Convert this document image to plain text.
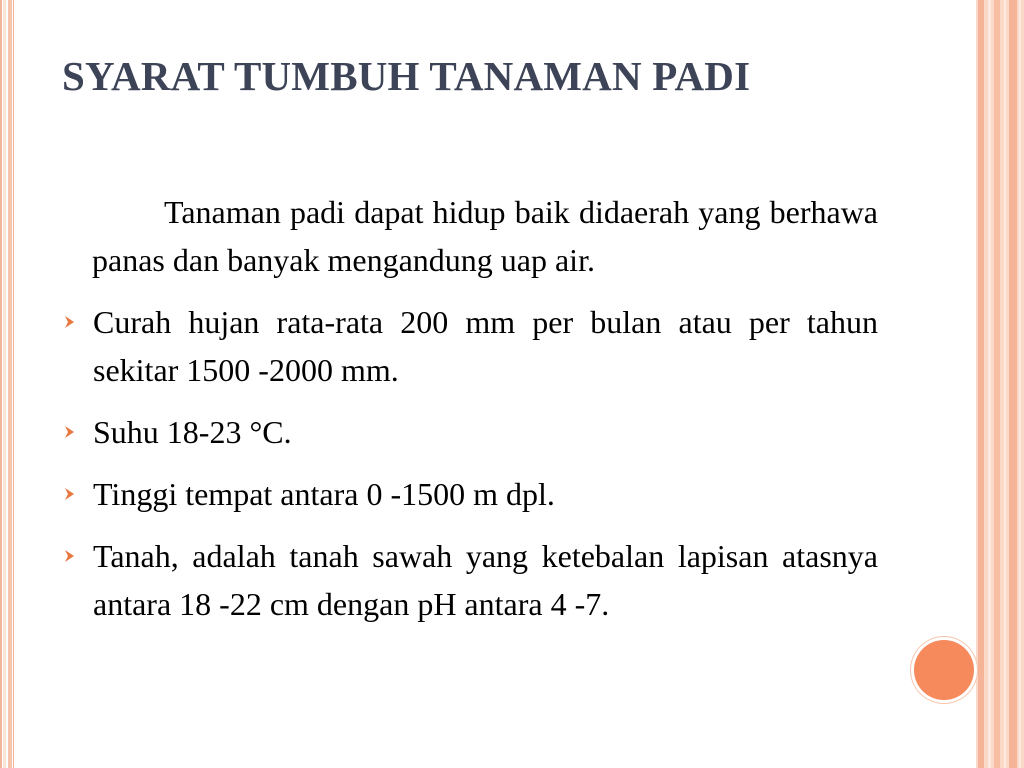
SYARAT TUMBUH TANAMAN PADI

Tanaman padi dapat hidup baik didaerah yang berhawa panas dan banyak mengandung uap air.

Curah hujan rata-rata 200 mm per bulan atau per tahun sekitar 1500 -2000 mm.
Suhu 18-23 °C.
Tinggi tempat antara 0 -1500 m dpl.
Tanah, adalah tanah sawah yang ketebalan lapisan atasnya antara 18 -22 cm dengan pH antara 4 -7.
